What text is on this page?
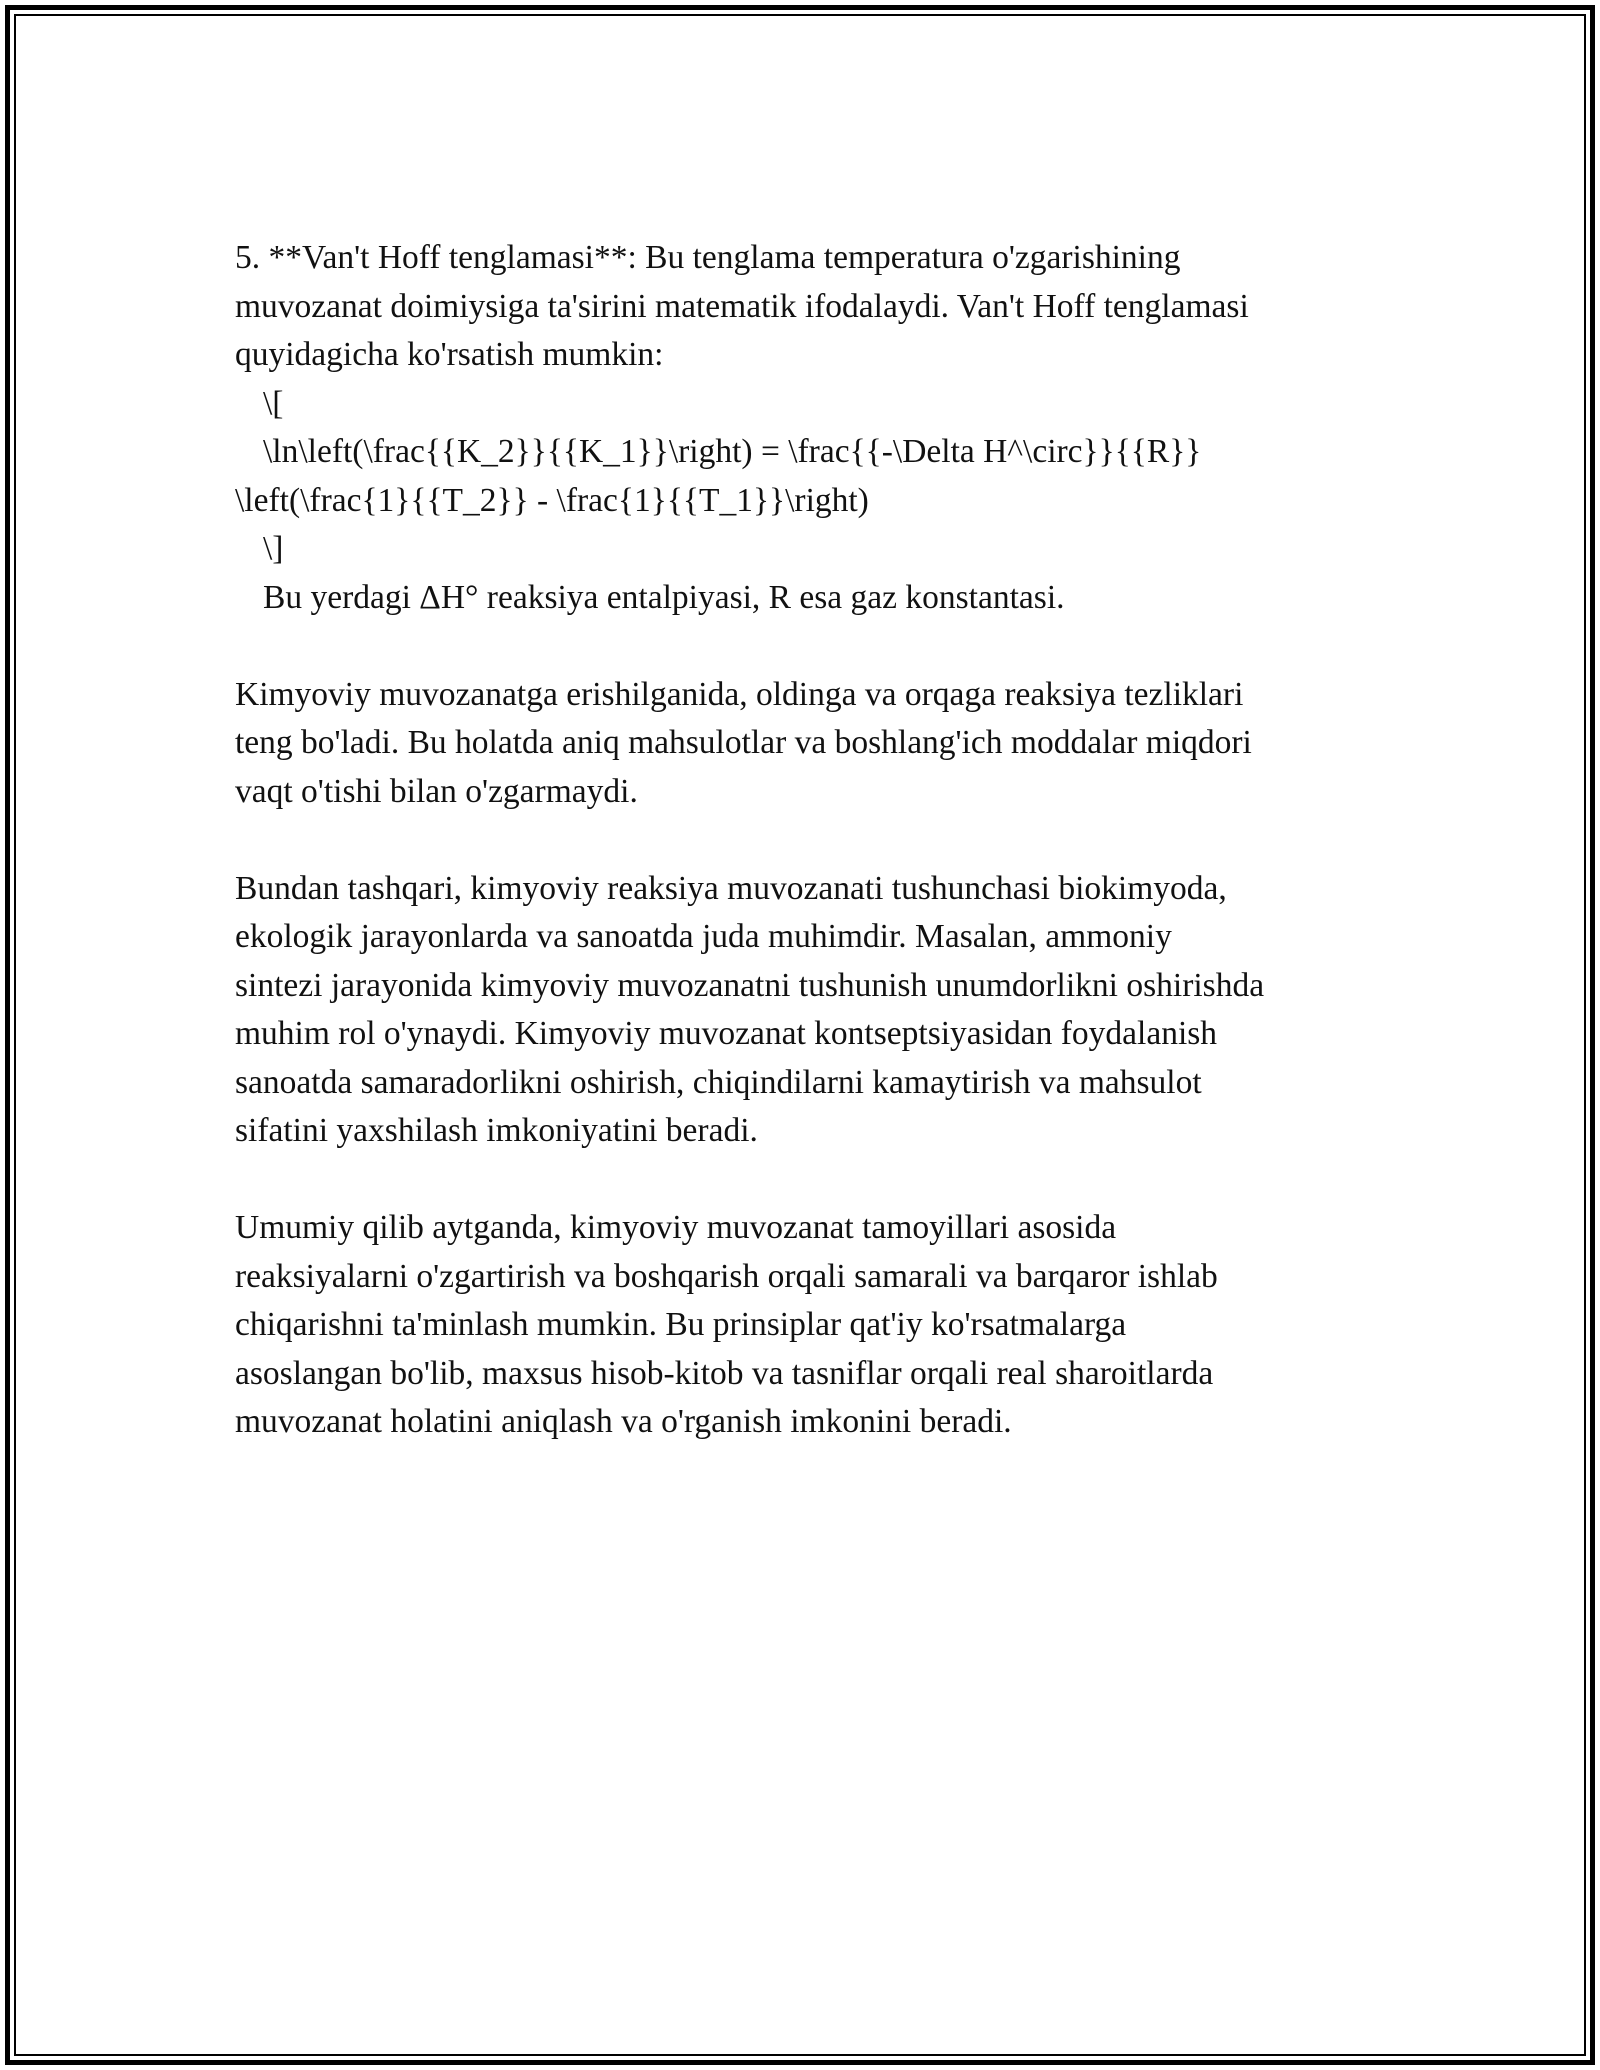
5. **Van't Hoff tenglamasi**: Bu tenglama temperatura o'zgarishining
muvozanat doimiysiga ta'sirini matematik ifodalaydi. Van't Hoff tenglamasi
quyidagicha ko'rsatish mumkin:
\[
\ln\left(\frac{{K_2}}{{K_1}}\right) = \frac{{-\Delta H^\circ}}{{R}}
\left(\frac{1}{{T_2}} - \frac{1}{{T_1}}\right)
\]
Bu yerdagi ΔH° reaksiya entalpiyasi, R esa gaz konstantasi.
Kimyoviy muvozanatga erishilganida, oldinga va orqaga reaksiya tezliklari
teng bo'ladi. Bu holatda aniq mahsulotlar va boshlang'ich moddalar miqdori
vaqt o'tishi bilan o'zgarmaydi.
Bundan tashqari, kimyoviy reaksiya muvozanati tushunchasi biokimyoda,
ekologik jarayonlarda va sanoatda juda muhimdir. Masalan, ammoniy
sintezi jarayonida kimyoviy muvozanatni tushunish unumdorlikni oshirishda
muhim rol o'ynaydi. Kimyoviy muvozanat kontseptsiyasidan foydalanish
sanoatda samaradorlikni oshirish, chiqindilarni kamaytirish va mahsulot
sifatini yaxshilash imkoniyatini beradi.
Umumiy qilib aytganda, kimyoviy muvozanat tamoyillari asosida
reaksiyalarni o'zgartirish va boshqarish orqali samarali va barqaror ishlab
chiqarishni ta'minlash mumkin. Bu prinsiplar qat'iy ko'rsatmalarga
asoslangan bo'lib, maxsus hisob-kitob va tasniflar orqali real sharoitlarda
muvozanat holatini aniqlash va o'rganish imkonini beradi.
